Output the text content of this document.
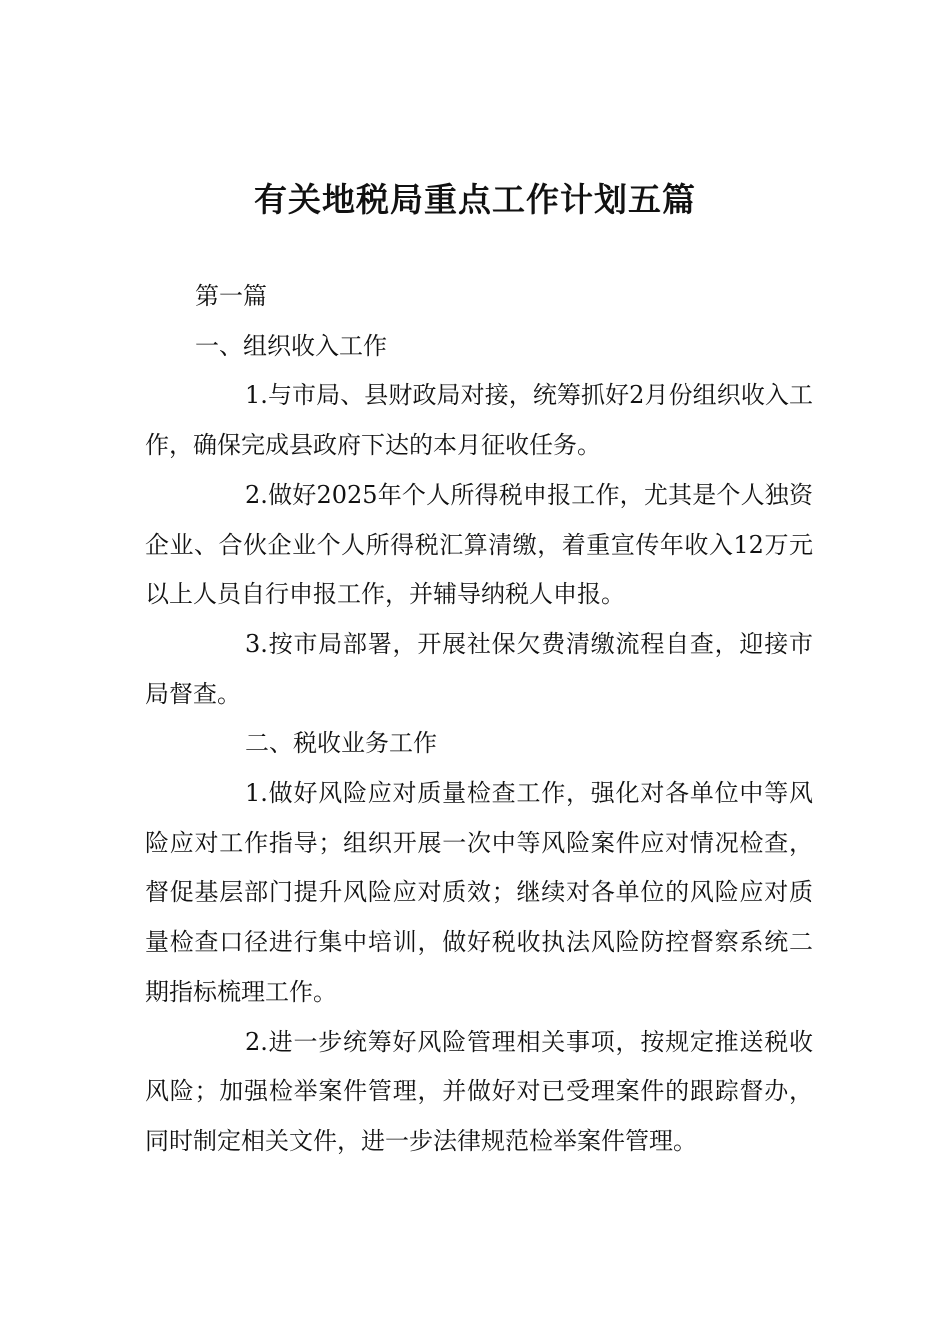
有关地税局重点工作计划五篇

第一篇

一、组织收入工作

1.与市局、县财政局对接，统筹抓好2月份组织收入工作，确保完成县政府下达的本月征收任务。

2.做好2025年个人所得税申报工作，尤其是个人独资企业、合伙企业个人所得税汇算清缴，着重宣传年收入12万元以上人员自行申报工作，并辅导纳税人申报。

3.按市局部署，开展社保欠费清缴流程自查，迎接市局督查。

二、税收业务工作

1.做好风险应对质量检查工作，强化对各单位中等风险应对工作指导；组织开展一次中等风险案件应对情况检查，督促基层部门提升风险应对质效；继续对各单位的风险应对质量检查口径进行集中培训，做好税收执法风险防控督察系统二期指标梳理工作。

2.进一步统筹好风险管理相关事项，按规定推送税收风险；加强检举案件管理，并做好对已受理案件的跟踪督办，同时制定相关文件，进一步法律规范检举案件管理。
